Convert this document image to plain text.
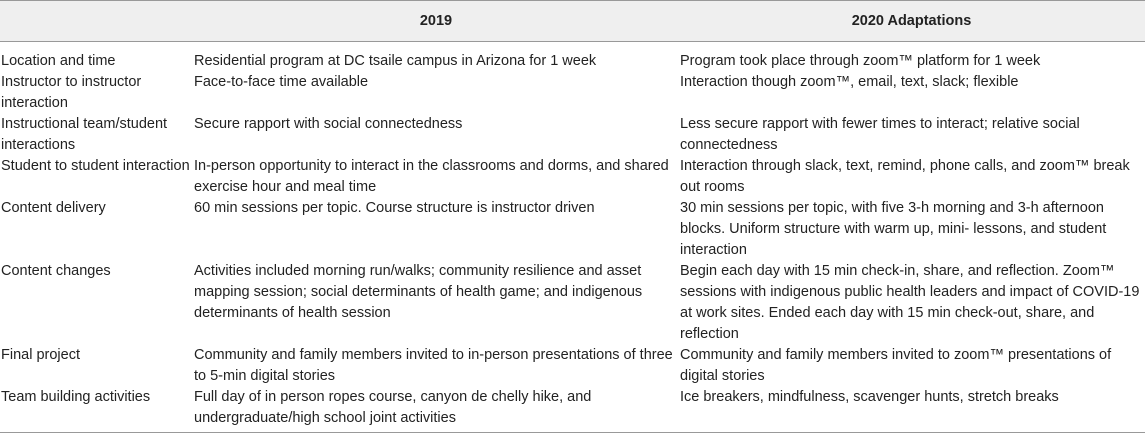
	2019	2020 Adaptations
Location and time	Residential program at DC tsaile campus in Arizona for 1 week	Program took place through zoom™ platform for 1 week
Instructor to instructor interaction	Face-to-face time available	Interaction though zoom™, email, text, slack; flexible
Instructional team/student interactions	Secure rapport with social connectedness	Less secure rapport with fewer times to interact; relative social connectedness
Student to student interaction	In-person opportunity to interact in the classrooms and dorms, and shared exercise hour and meal time	Interaction through slack, text, remind, phone calls, and zoom™ break out rooms
Content delivery	60 min sessions per topic. Course structure is instructor driven	30 min sessions per topic, with five 3-h morning and 3-h afternoon blocks. Uniform structure with warm up, mini- lessons, and student interaction
Content changes	Activities included morning run/walks; community resilience and asset mapping session; social determinants of health game; and indigenous determinants of health session	Begin each day with 15 min check-in, share, and reflection. Zoom™ sessions with indigenous public health leaders and impact of COVID-19 at work sites. Ended each day with 15 min check-out, share, and reflection
Final project	Community and family members invited to in-person presentations of three to 5-min digital stories	Community and family members invited to zoom™ presentations of digital stories
Team building activities	Full day of in person ropes course, canyon de chelly hike, and undergraduate/high school joint activities	Ice breakers, mindfulness, scavenger hunts, stretch breaks
